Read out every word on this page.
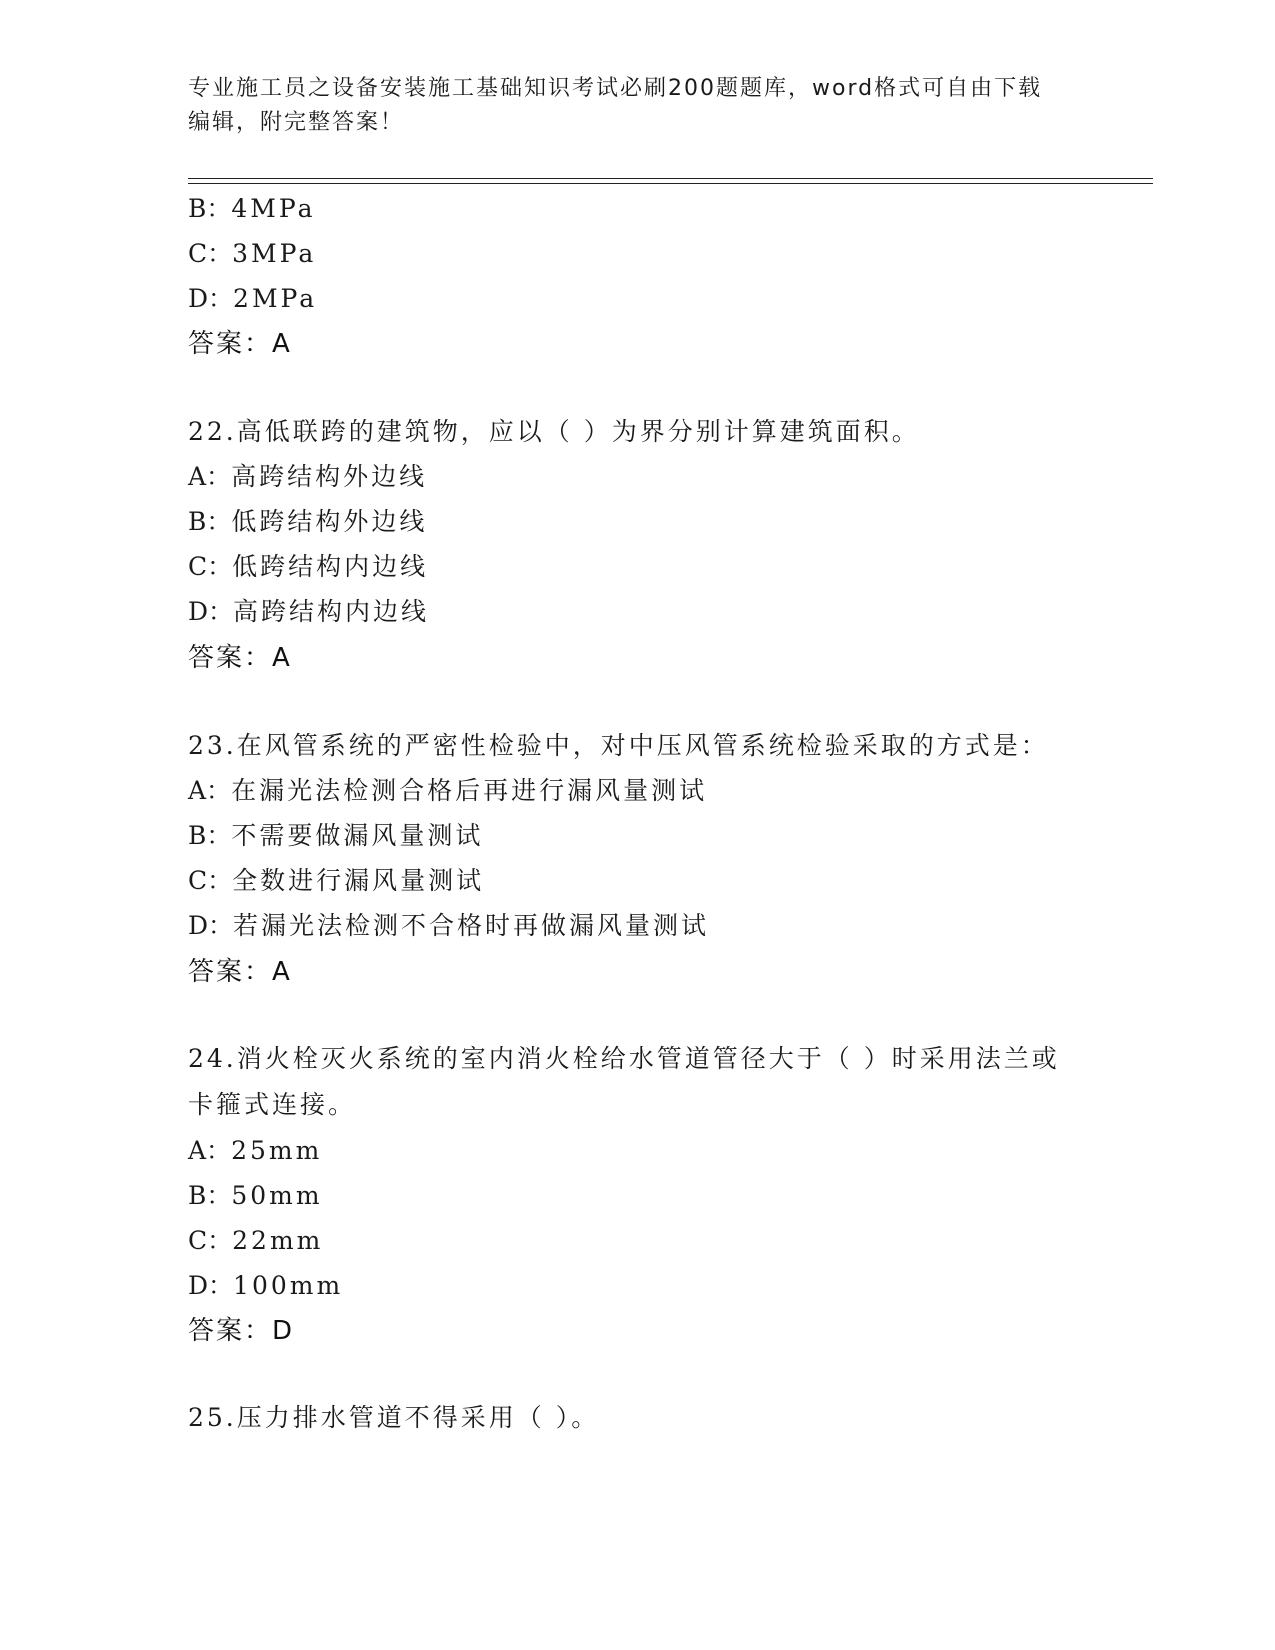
专业施工员之设备安装施工基础知识考试必刷200题题库，word格式可自由下载
编辑，附完整答案！
B：4MPa
C：3MPa
D：2MPa
答案：A
22.高低联跨的建筑物，应以（ ）为界分别计算建筑面积。
A：高跨结构外边线
B：低跨结构外边线
C：低跨结构内边线
D：高跨结构内边线
答案：A
23.在风管系统的严密性检验中，对中压风管系统检验采取的方式是：
A：在漏光法检测合格后再进行漏风量测试
B：不需要做漏风量测试
C：全数进行漏风量测试
D：若漏光法检测不合格时再做漏风量测试
答案：A
24.消火栓灭火系统的室内消火栓给水管道管径大于（ ）时采用法兰或卡箍式连接。
A：25mm
B：50mm
C：22mm
D：100mm
答案：D
25.压力排水管道不得采用（ ）。
